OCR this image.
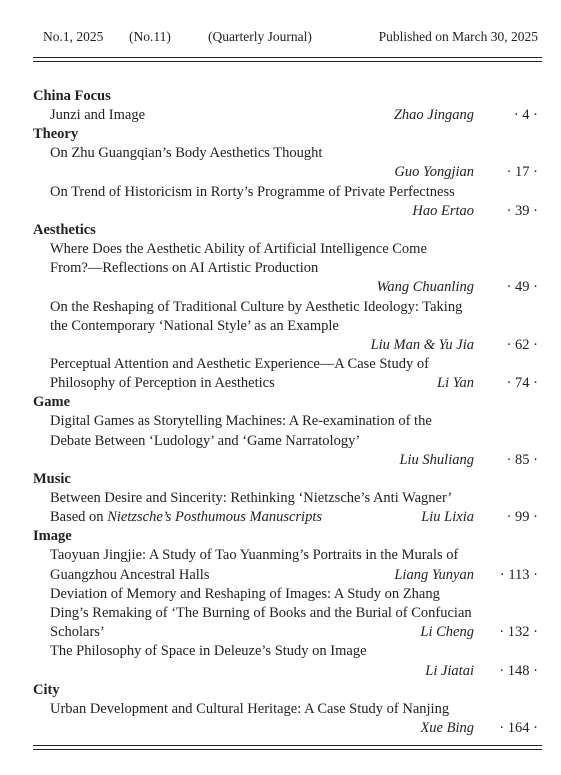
No.1, 2025 (No.11)	(Quarterly Journal)	Published on March 30, 2025
China Focus
Junzi and Image	Zhao Jingang	· 4 ·
Theory
On Zhu Guangqian’s Body Aesthetics Thought
Guo Yongjian · 17 ·
On Trend of Historicism in Rorty’s Programme of Private Perfectness
Hao Ertao · 39 ·
Aesthetics
Where Does the Aesthetic Ability of Artificial Intelligence Come
From?—Reflections on AI Artistic Production
Wang Chuanling · 49 ·
On the Reshaping of Traditional Culture by Aesthetic Ideology: Taking
the Contemporary ‘National Style’ as an Example
Liu Man & Yu Jia · 62 ·
Perceptual Attention and Aesthetic Experience—A Case Study of
Philosophy of Perception in Aesthetics	Li Yan · 74 ·
Game
Digital Games as Storytelling Machines: A Re-examination of the
Debate Between ‘Ludology’ and ‘Game Narratology’
Liu Shuliang · 85 ·
Music
Between Desire and Sincerity: Rethinking ‘Nietzsche’s Anti Wagner’
Based on Nietzsche’s Posthumous Manuscripts	Liu Lixia · 99 ·
Image
Taoyuan Jingjie: A Study of Tao Yuanming’s Portraits in the Murals of
Guangzhou Ancestral Halls	Liang Yunyan · 113 ·
Deviation of Memory and Reshaping of Images: A Study on Zhang
Ding’s Remaking of ‘The Burning of Books and the Burial of Confucian
Scholars’	Li Cheng · 132 ·
The Philosophy of Space in Deleuze’s Study on Image
Li Jiatai · 148 ·
City
Urban Development and Cultural Heritage: A Case Study of Nanjing
Xue Bing · 164 ·
